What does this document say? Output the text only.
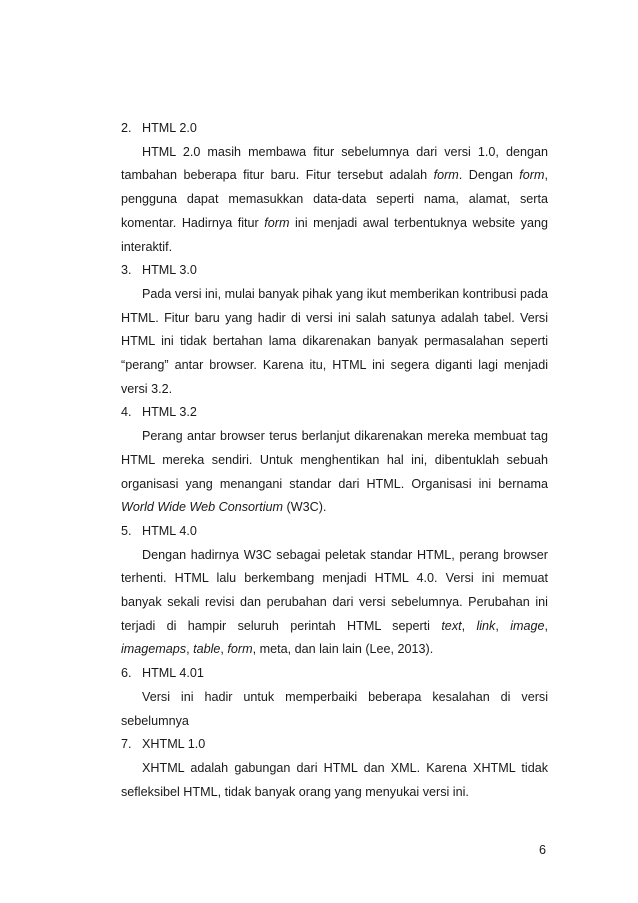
2. HTML 2.0
HTML 2.0 masih membawa fitur sebelumnya dari versi 1.0, dengan tambahan beberapa fitur baru. Fitur tersebut adalah form. Dengan form, pengguna dapat memasukkan data-data seperti nama, alamat, serta komentar. Hadirnya fitur form ini menjadi awal terbentuknya website yang interaktif.
3. HTML 3.0
Pada versi ini, mulai banyak pihak yang ikut memberikan kontribusi pada HTML. Fitur baru yang hadir di versi ini salah satunya adalah tabel. Versi HTML ini tidak bertahan lama dikarenakan banyak permasalahan seperti “perang” antar browser. Karena itu, HTML ini segera diganti lagi menjadi versi 3.2.
4. HTML 3.2
Perang antar browser terus berlanjut dikarenakan mereka membuat tag HTML mereka sendiri. Untuk menghentikan hal ini, dibentuklah sebuah organisasi yang menangani standar dari HTML. Organisasi ini bernama World Wide Web Consortium (W3C).
5. HTML 4.0
Dengan hadirnya W3C sebagai peletak standar HTML, perang browser terhenti. HTML lalu berkembang menjadi HTML 4.0. Versi ini memuat banyak sekali revisi dan perubahan dari versi sebelumnya. Perubahan ini terjadi di hampir seluruh perintah HTML seperti text, link, image, imagemaps, table, form, meta, dan lain lain (Lee, 2013).
6. HTML 4.01
Versi ini hadir untuk memperbaiki beberapa kesalahan di versi sebelumnya
7. XHTML 1.0
XHTML adalah gabungan dari HTML dan XML. Karena XHTML tidak sefleksibel HTML, tidak banyak orang yang menyukai versi ini.
6
